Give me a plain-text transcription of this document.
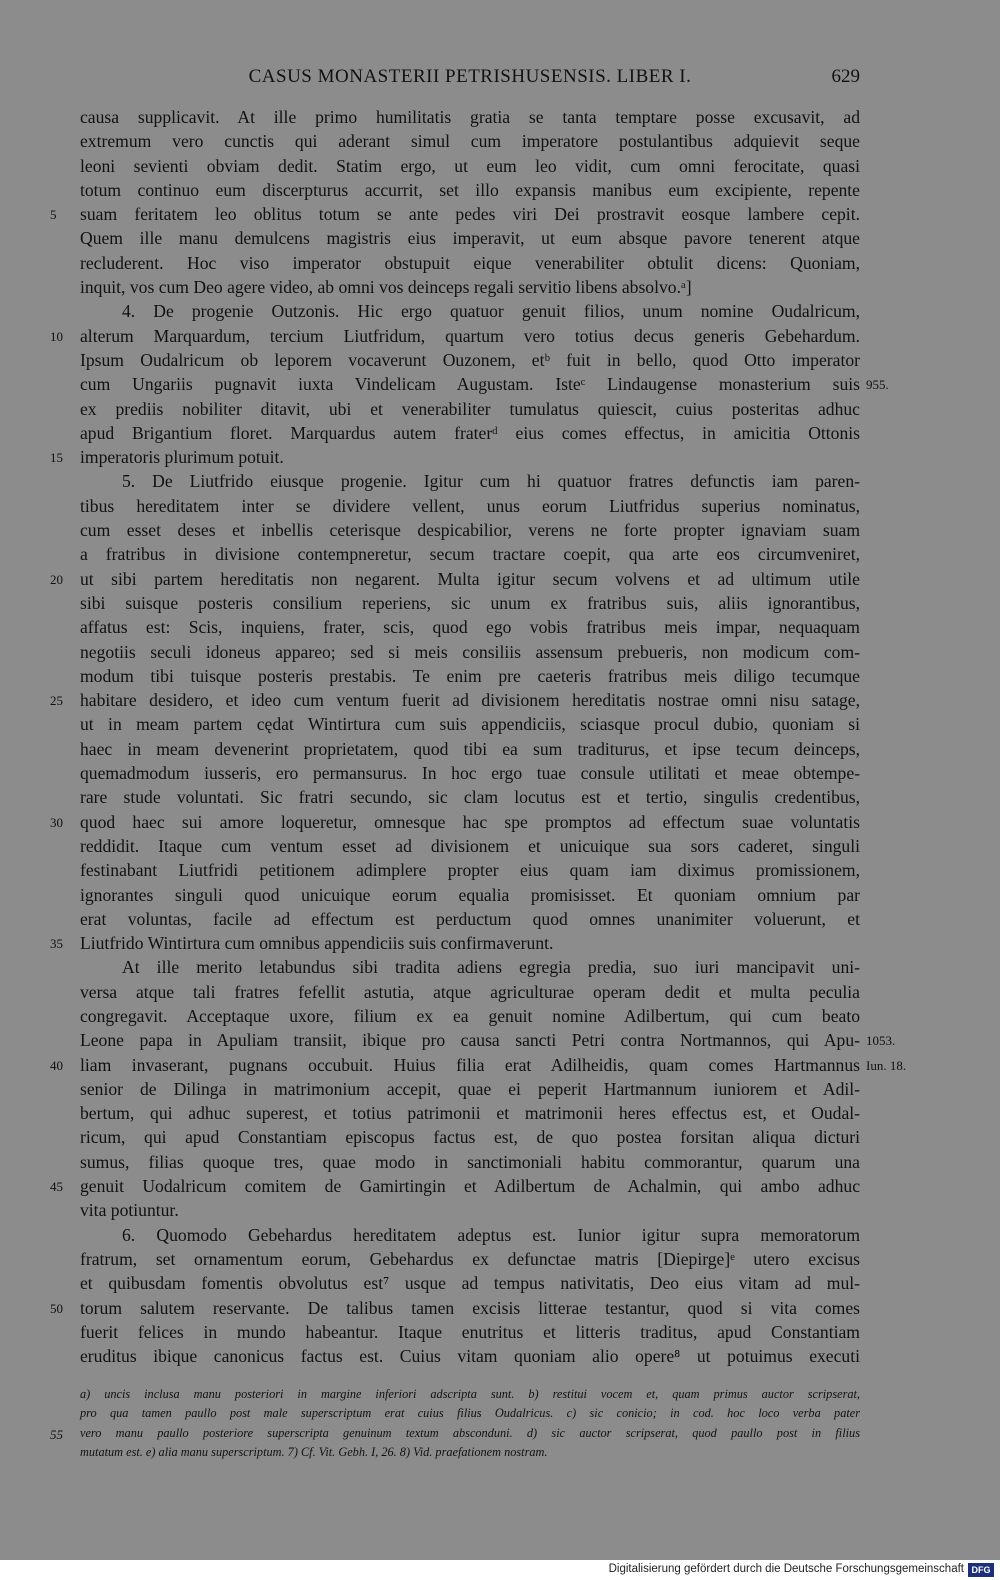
CASUS MONASTERII PETRISHUSENSIS. LIBER I.	629
causa supplicavit. At ille primo humilitatis gratia se tanta temptare posse excusavit, ad
extremum vero cunctis qui aderant simul cum imperatore postulantibus adquievit seque
leoni sevienti obviam dedit. Statim ergo, ut eum leo vidit, cum omni ferocitate, quasi
totum continuo eum discerpturus accurrit, set illo expansis manibus eum excipiente, repente
5	suam feritatem leo oblitus totum se ante pedes viri Dei prostravit eosque lambere cepit.
Quem ille manu demulcens magistris eius imperavit, ut eum absque pavore tenerent atque
recluderent. Hoc viso imperator obstupuit eique venerabiliter obtulit dicens: Quoniam,
inquit, vos cum Deo agere video, ab omni vos deinceps regali servitio libens absolvo.ᵃ]
4. De progenie Outzonis. Hic ergo quatuor genuit filios, unum nomine Oudalricum,
10 alterum Marquardum, tercium Liutfridum, quartum vero totius decus generis Gebehardum.
Ipsum Oudalricum ob leporem vocaverunt Ouzonem, etᵇ fuit in bello, quod Otto imperator
cum Ungariis pugnavit iuxta Vindelicam Augustam. Isteᶜ Lindaugense monasterium suis 955.
ex prediis nobiliter ditavit, ubi et venerabiliter tumulatus quiescit, cuius posteritas adhuc
apud Brigantium floret. Marquardus autem fraterᵈ eius comes effectus, in amicitia Ottonis
15 imperatoris plurimum potuit.
5. De Liutfrido eiusque progenie. Igitur cum hi quatuor fratres defunctis iam paren-
tibus hereditatem inter se dividere vellent, unus eorum Liutfridus superius nominatus,
cum esset deses et inbellis ceterisque despicabilior, verens ne forte propter ignaviam suam
a fratribus in divisione contempneretur, secum tractare coepit, qua arte eos circumveniret,
20 ut sibi partem hereditatis non negarent. Multa igitur secum volvens et ad ultimum utile
sibi suisque posteris consilium reperiens, sic unum ex fratribus suis, aliis ignorantibus,
affatus est: Scis, inquiens, frater, scis, quod ego vobis fratribus meis impar, nequaquam
negotiis seculi idoneus appareo; sed si meis consiliis assensum prebueris, non modicum com-
modum tibi tuisque posteris prestabis. Te enim pre caeteris fratribus meis diligo tecumque
25 habitare desidero, et ideo cum ventum fuerit ad divisionem hereditatis nostrae omni nisu satage,
ut in meam partem cędat Wintirtura cum suis appendiciis, sciasque procul dubio, quoniam si
haec in meam devenerint proprietatem, quod tibi ea sum traditurus, et ipse tecum deinceps,
quemadmodum iusseris, ero permansurus. In hoc ergo tuae consule utilitati et meae obtempe-
rare stude voluntati. Sic fratri secundo, sic clam locutus est et tertio, singulis credentibus,
30 quod haec sui amore loqueretur, omnesque hac spe promptos ad effectum suae voluntatis
reddidit. Itaque cum ventum esset ad divisionem et unicuique sua sors caderet, singuli
festinabant Liutfridi petitionem adimplere propter eius quam iam diximus promissionem,
ignorantes singuli quod unicuique eorum equalia promisisset. Et quoniam omnium par
erat voluntas, facile ad effectum est perductum quod omnes unanimiter voluerunt, et
35 Liutfrido Wintirtura cum omnibus appendiciis suis confirmaverunt.
At ille merito letabundus sibi tradita adiens egregia predia, suo iuri mancipavit uni-
versa atque tali fratres fefellit astutia, atque agriculturae operam dedit et multa peculia
congregavit. Acceptaque uxore, filium ex ea genuit nomine Adilbertum, qui cum beato
Leone papa in Apuliam transiit, ibique pro causa sancti Petri contra Nortmannos, qui Apu- 1053.
40 liam invaserant, pugnans occubuit. Huius filia erat Adilheidis, quam comes Hartmannus Iun. 18.
senior de Dilinga in matrimonium accepit, quae ei peperit Hartmannum iuniorem et Adil-
bertum, qui adhuc superest, et totius patrimonii et matrimonii heres effectus est, et Oudal-
ricum, qui apud Constantiam episcopus factus est, de quo postea forsitan aliqua dicturi
sumus, filias quoque tres, quae modo in sanctimoniali habitu commorantur, quarum una
45 genuit Uodalricum comitem de Gamirtingin et Adilbertum de Achalmin, qui ambo adhuc
vita potiuntur.
6. Quomodo Gebehardus hereditatem adeptus est. Iunior igitur supra memoratorum
fratrum, set ornamentum eorum, Gebehardus ex defunctae matris [Diepirge]ᵉ utero excisus
et quibusdam fomentis obvolutus est⁷ usque ad tempus nativitatis, Deo eius vitam ad mul-
50 torum salutem reservante. De talibus tamen excisis litterae testantur, quod si vita comes
fuerit felices in mundo habeantur. Itaque enutritus et litteris traditus, apud Constantiam
eruditus ibique canonicus factus est. Cuius vitam quoniam alio opere⁸ ut potuimus executi
a) uncis inclusa manu posteriori in margine inferiori adscripta sunt. b) restitui vocem et, quam primus auctor scripserat,
pro qua tamen paullo post male superscriptum erat cuius filius Oudalricus. c) sic conicio; in cod. hoc loco verba pater
55	vero manu paullo posteriore superscripta genuinum textum absconduni. d) sic auctor scripserat, quod paullo post in filius
mutatum est. e) alia manu superscriptum. 7) Cf. Vit. Gebh. I, 26. 8) Vid. praefationem nostram.
Digitalisierung gefördert durch die Deutsche Forschungsgemeinschaft DFG
